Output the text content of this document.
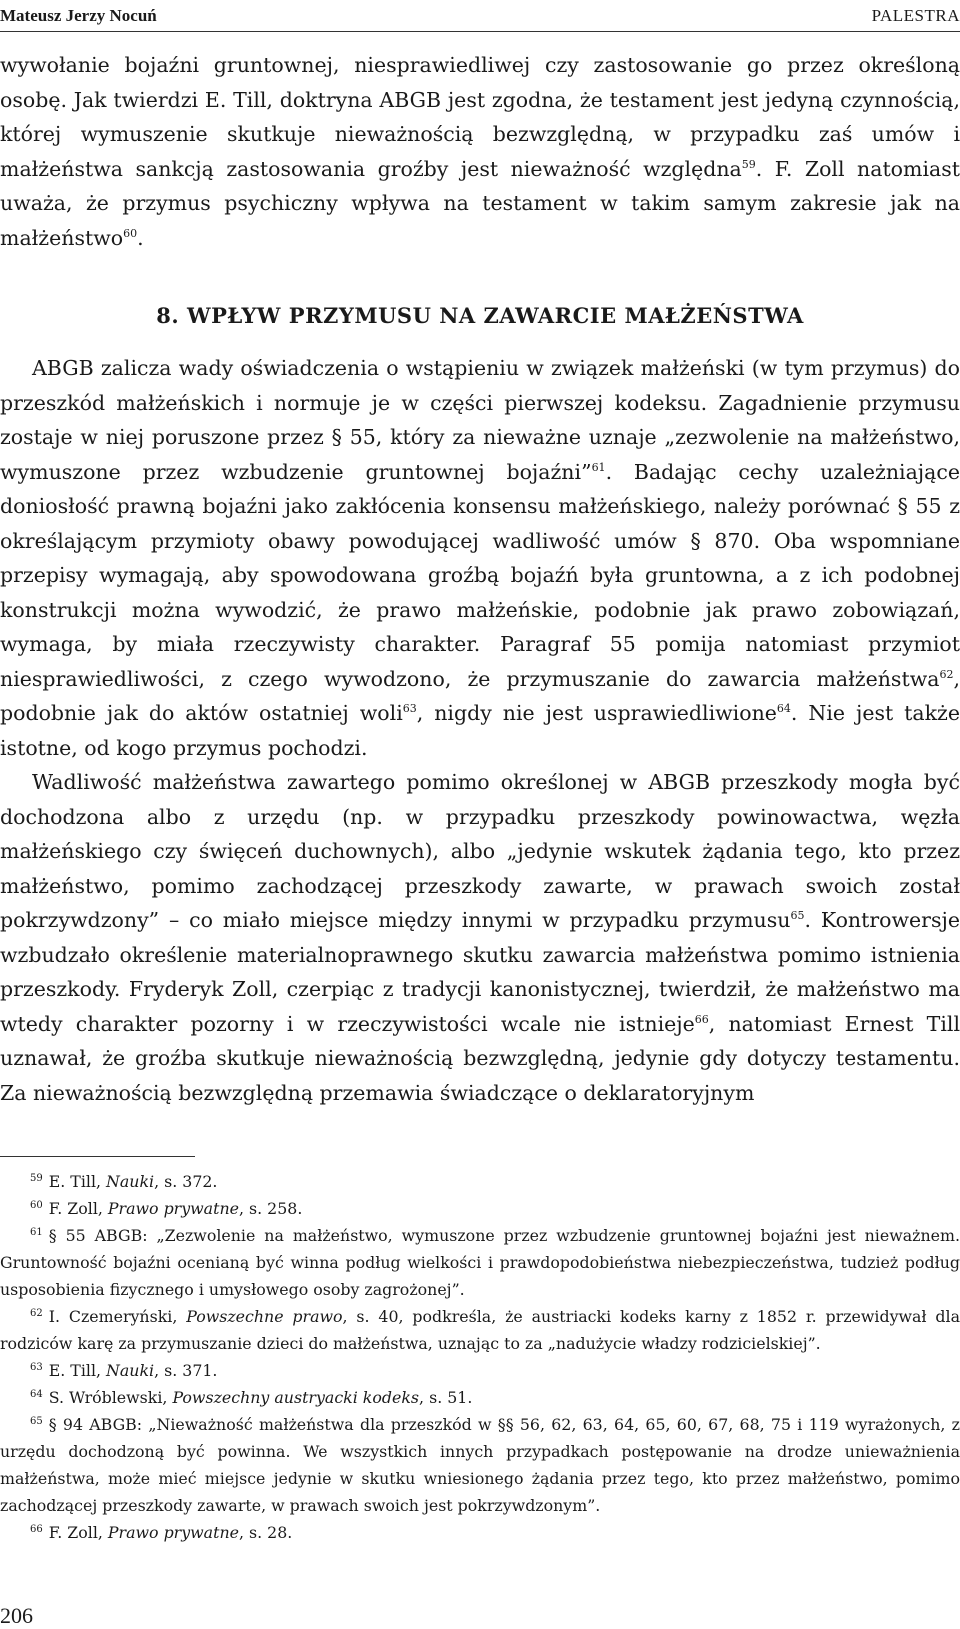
Mateusz Jerzy Nocuń	PALESTRA

wywołanie bojaźni gruntownej, niesprawiedliwej czy zastosowanie go przez określoną osobę. Jak twierdzi E. Till, doktryna ABGB jest zgodna, że testament jest jedyną czynnością, której wymuszenie skutkuje nieważnością bezwzględną, w przypadku zaś umów i małżeństwa sankcją zastosowania groźby jest nieważność względna$^{59}$. F. Zoll natomiast uważa, że przymus psychiczny wpływa na testament w takim samym zakresie jak na małżeństwo$^{60}$.

8. WPŁYW PRZYMUSU NA ZAWARCIE MAŁŻEŃSTWA

ABGB zalicza wady oświadczenia o wstąpieniu w związek małżeński (w tym przymus) do przeszkód małżeńskich i normuje je w części pierwszej kodeksu. Zagadnienie przymusu zostaje w niej poruszone przez § 55, który za nieważne uznaje „zezwolenie na małżeństwo, wymuszone przez wzbudzenie gruntownej bojaźni”$^{61}$. Badając cechy uzależniające doniosłość prawną bojaźni jako zakłócenia konsensu małżeńskiego, należy porównać § 55 z określającym przymioty obawy powodującej wadliwość umów § 870. Oba wspomniane przepisy wymagają, aby spowodowana groźbą bojaźń była gruntowna, a z ich podobnej konstrukcji można wywodzić, że prawo małżeńskie, podobnie jak prawo zobowiązań, wymaga, by miała rzeczywisty charakter. Paragraf 55 pomija natomiast przymiot niesprawiedliwości, z czego wywodzono, że przymuszanie do zawarcia małżeństwa$^{62}$, podobnie jak do aktów ostatniej woli$^{63}$, nigdy nie jest usprawiedliwione$^{64}$. Nie jest także istotne, od kogo przymus pochodzi.

Wadliwość małżeństwa zawartego pomimo określonej w ABGB przeszkody mogła być dochodzona albo z urzędu (np. w przypadku przeszkody powinowactwa, węzła małżeńskiego czy święceń duchownych), albo „jedynie wskutek żądania tego, kto przez małżeństwo, pomimo zachodzącej przeszkody zawarte, w prawach swoich został pokrzywdzony” – co miało miejsce między innymi w przypadku przymusu$^{65}$. Kontrowersje wzbudzało określenie materialnoprawnego skutku zawarcia małżeństwa pomimo istnienia przeszkody. Fryderyk Zoll, czerpiąc z tradycji kanonistycznej, twierdził, że małżeństwo ma wtedy charakter pozorny i w rzeczywistości wcale nie istnieje$^{66}$, natomiast Ernest Till uznawał, że groźba skutkuje nieważnością bezwzględną, jedynie gdy dotyczy testamentu. Za nieważnością bezwzględną przemawia świadczące o deklaratoryjnym

$^{59}$ E. Till, Nauki, s. 372.

$^{60}$ F. Zoll, Prawo prywatne, s. 258.

$^{61}$ § 55 ABGB: „Zezwolenie na małżeństwo, wymuszone przez wzbudzenie gruntownej bojaźni jest nieważnem. Gruntowność bojaźni ocenianą być winna podług wielkości i prawdopodobieństwa niebezpieczeństwa, tudzież podług usposobienia fizycznego i umysłowego osoby zagrożonej”.

$^{62}$ I. Czemeryński, Powszechne prawo, s. 40, podkreśla, że austriacki kodeks karny z 1852 r. przewidywał dla rodziców karę za przymuszanie dzieci do małżeństwa, uznając to za „nadużycie władzy rodzicielskiej”.

$^{63}$ E. Till, Nauki, s. 371.

$^{64}$ S. Wróblewski, Powszechny austryacki kodeks, s. 51.

$^{65}$ § 94 ABGB: „Nieważność małżeństwa dla przeszkód w §§ 56, 62, 63, 64, 65, 60, 67, 68, 75 i 119 wyrażonych, z urzędu dochodzoną być powinna. We wszystkich innych przypadkach postępowanie na drodze unieważnienia małżeństwa, może mieć miejsce jedynie w skutku wniesionego żądania przez tego, kto przez małżeństwo, pomimo zachodzącej przeszkody zawarte, w prawach swoich jest pokrzywdzonym”.

$^{66}$ F. Zoll, Prawo prywatne, s. 28.

206
